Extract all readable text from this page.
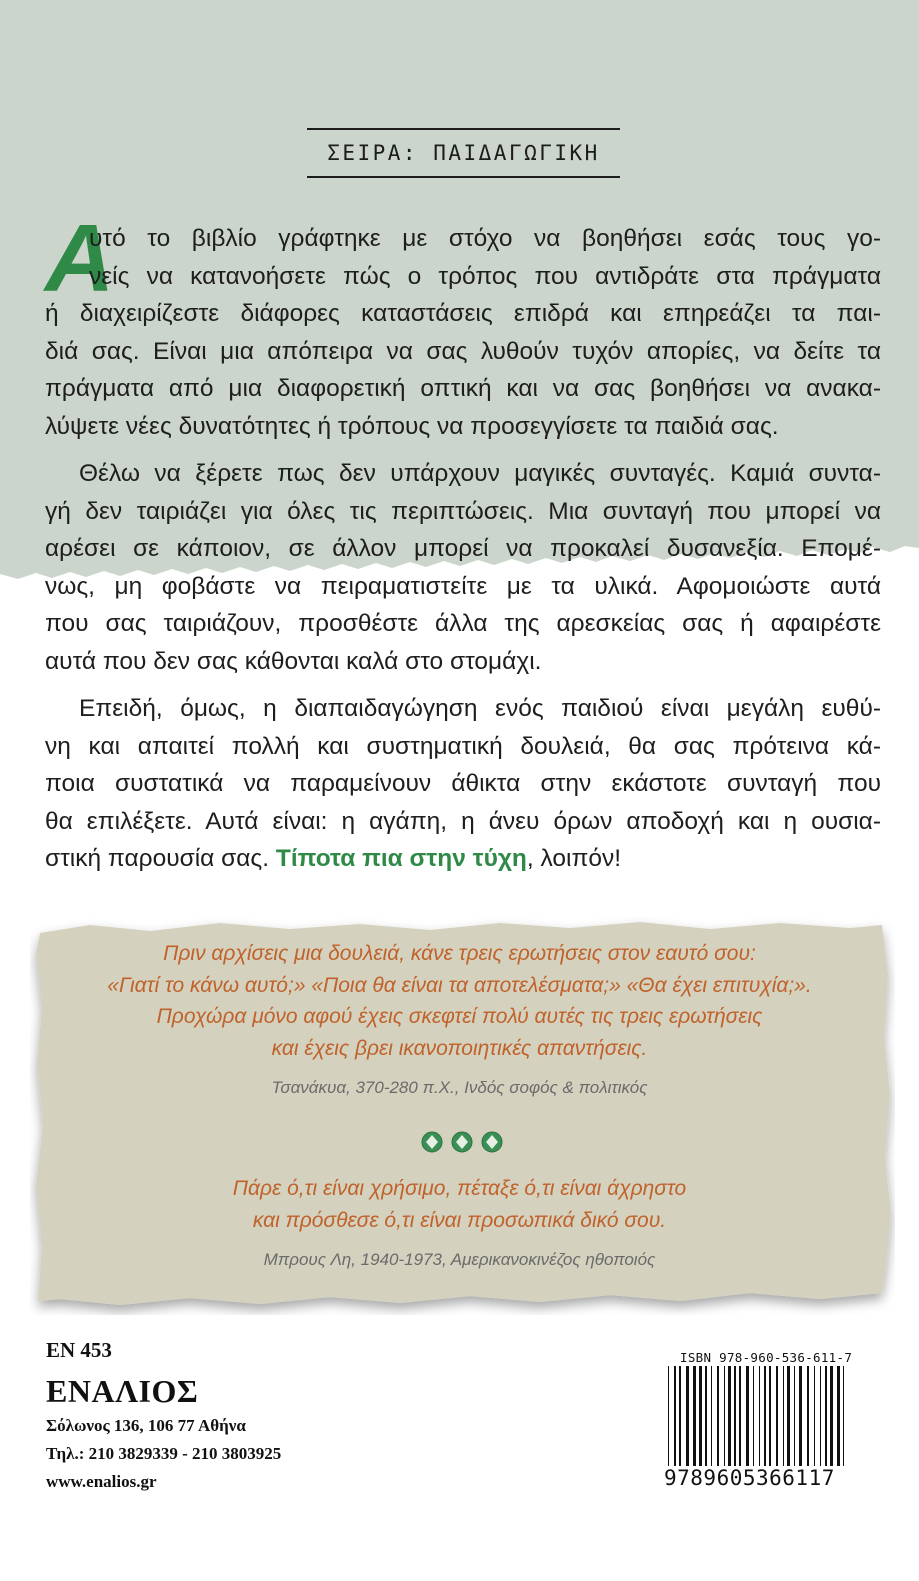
ΣΕΙΡΑ: ΠΑΙΔΑΓΩΓΙΚΗ
Α

υτό το βιβλίο γράφτηκε με στόχο να βοηθήσει εσάς τους γο-
νείς να κατανοήσετε πώς ο τρόπος που αντιδράτε στα πράγματα
ή διαχειρίζεστε διάφορες καταστάσεις επιδρά και επηρεάζει τα παι-
διά σας. Είναι μια απόπειρα να σας λυθούν τυχόν απορίες, να δείτε τα
πράγματα από μια διαφορετική οπτική και να σας βοηθήσει να ανακα-
λύψετε νέες δυνατότητες ή τρόπους να προσεγγίσετε τα παιδιά σας.

Θέλω να ξέρετε πως δεν υπάρχουν μαγικές συνταγές. Καμιά συντα-
γή δεν ταιριάζει για όλες τις περιπτώσεις. Μια συνταγή που μπορεί να
αρέσει σε κάποιον, σε άλλον μπορεί να προκαλεί δυσανεξία. Επομέ-
νως, μη φοβάστε να πειραματιστείτε με τα υλικά. Αφομοιώστε αυτά
που σας ταιριάζουν, προσθέστε άλλα της αρεσκείας σας ή αφαιρέστε
αυτά που δεν σας κάθονται καλά στο στομάχι.

Επειδή, όμως, η διαπαιδαγώγηση ενός παιδιού είναι μεγάλη ευθύ-
νη και απαιτεί πολλή και συστηματική δουλειά, θα σας πρότεινα κά-
ποια συστατικά να παραμείνουν άθικτα στην εκάστοτε συνταγή που
θα επιλέξετε. Αυτά είναι: η αγάπη, η άνευ όρων αποδοχή και η ουσια-
στική παρουσία σας. Τίποτα πια στην τύχη, λοιπόν!

Πριν αρχίσεις μια δουλειά, κάνε τρεις ερωτήσεις στον εαυτό σου:
«Γιατί το κάνω αυτό;» «Ποια θα είναι τα αποτελέσματα;» «Θα έχει επιτυχία;».
Προχώρα μόνο αφού έχεις σκεφτεί πολύ αυτές τις τρεις ερωτήσεις
και έχεις βρει ικανοποιητικές απαντήσεις.
Τσανάκυα, 370-280 π.Χ., Ινδός σοφός & πολιτικός
Πάρε ό,τι είναι χρήσιμο, πέταξε ό,τι είναι άχρηστο
και πρόσθεσε ό,τι είναι προσωπικά δικό σου.
Μπρους Λη, 1940-1973, Αμερικανοκινέζος ηθοποιός
ΕΝ 453
ΕΝΑΛΙΟΣ
Σόλωνος 136, 106 77 Αθήνα
Τηλ.: 210 3829339 - 210 3803925
www.enalios.gr
ISBN 978-960-536-611-7
9789605366117
